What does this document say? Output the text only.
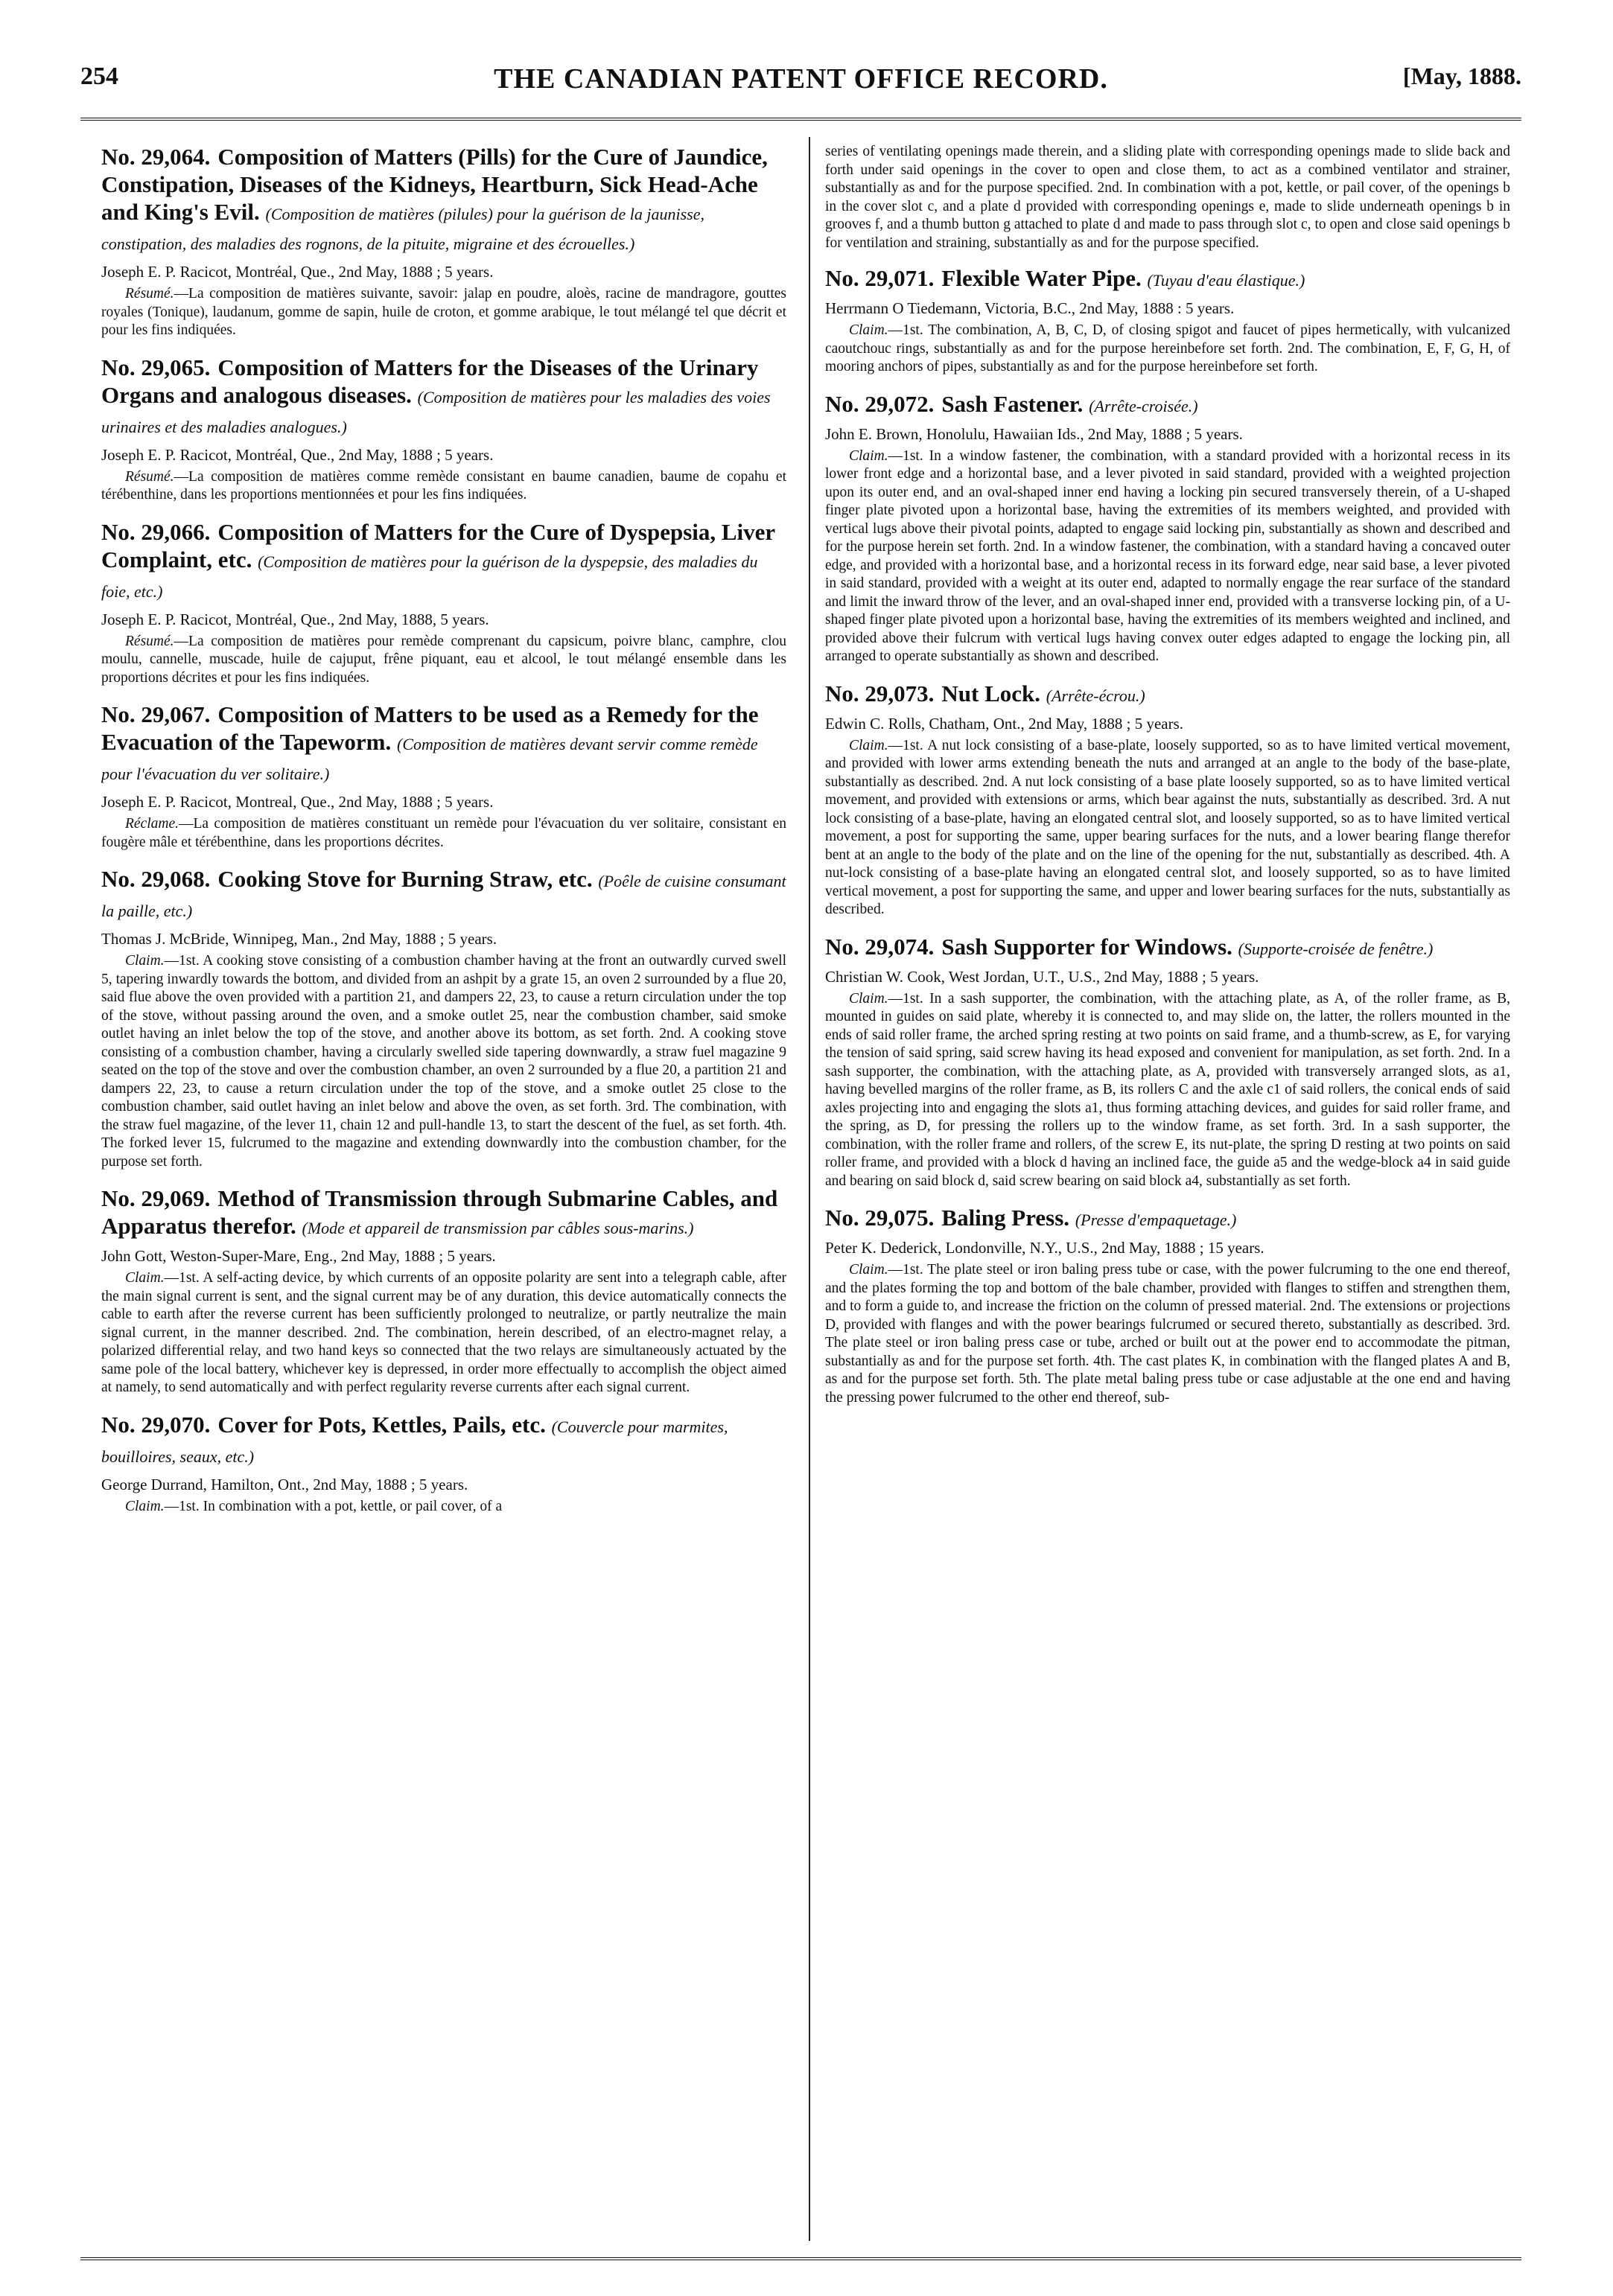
254	THE CANADIAN PATENT OFFICE RECORD.	[May, 1888.
No. 29,064. Composition of Matters (Pills) for the Cure of Jaundice, Constipation, Diseases of the Kidneys, Heartburn, Sick Head-Ache and King's Evil. (Composition de matières (pilules) pour la guérison de la jaunisse, constipation, des maladies des rognons, de la pituite, migraine et des écrouelles.)
Joseph E. P. Racicot, Montréal, Que., 2nd May, 1888 ; 5 years.

Résumé.—La composition de matières suivante, savoir: jalap en poudre, aloès, racine de mandragore, gouttes royales (Tonique), laudanum, gomme de sapin, huile de croton, et gomme arabique, le tout mélangé tel que décrit et pour les fins indiquées.

No. 29,065. Composition of Matters for the Diseases of the Urinary Organs and analogous diseases. (Composition de matières pour les maladies des voies urinaires et des maladies analogues.)
Joseph E. P. Racicot, Montréal, Que., 2nd May, 1888 ; 5 years.

Résumé.—La composition de matières comme remède consistant en baume canadien, baume de copahu et térébenthine, dans les proportions mentionnées et pour les fins indiquées.

No. 29,066. Composition of Matters for the Cure of Dyspepsia, Liver Complaint, etc. (Composition de matières pour la guérison de la dyspepsie, des maladies du foie, etc.)
Joseph E. P. Racicot, Montréal, Que., 2nd May, 1888, 5 years.

Résumé.—La composition de matières pour remède comprenant du capsicum, poivre blanc, camphre, clou moulu, cannelle, muscade, huile de cajuput, frêne piquant, eau et alcool, le tout mélangé ensemble dans les proportions décrites et pour les fins indiquées.

No. 29,067. Composition of Matters to be used as a Remedy for the Evacuation of the Tapeworm. (Composition de matières devant servir comme remède pour l'évacuation du ver solitaire.)
Joseph E. P. Racicot, Montreal, Que., 2nd May, 1888 ; 5 years.

Réclame.—La composition de matières constituant un remède pour l'évacuation du ver solitaire, consistant en fougère mâle et térébenthine, dans les proportions décrites.

No. 29,068. Cooking Stove for Burning Straw, etc. (Poêle de cuisine consumant la paille, etc.)
Thomas J. McBride, Winnipeg, Man., 2nd May, 1888 ; 5 years.

Claim.—1st. A cooking stove consisting of a combustion chamber having at the front an outwardly curved swell 5, tapering inwardly towards the bottom, and divided from an ashpit by a grate 15, an oven 2 surrounded by a flue 20, said flue above the oven provided with a partition 21, and dampers 22, 23, to cause a return circulation under the top of the stove, without passing around the oven, and a smoke outlet 25, near the combustion chamber, said smoke outlet having an inlet below the top of the stove, and another above its bottom, as set forth. 2nd. A cooking stove consisting of a combustion chamber, having a circularly swelled side tapering downwardly, a straw fuel magazine 9 seated on the top of the stove and over the combustion chamber, an oven 2 surrounded by a flue 20, a partition 21 and dampers 22, 23, to cause a return circulation under the top of the stove, and a smoke outlet 25 close to the combustion chamber, said outlet having an inlet below and above the oven, as set forth. 3rd. The combination, with the straw fuel magazine, of the lever 11, chain 12 and pull-handle 13, to start the descent of the fuel, as set forth. 4th. The forked lever 15, fulcrumed to the magazine and extending downwardly into the combustion chamber, for the purpose set forth.

No. 29,069. Method of Transmission through Submarine Cables, and Apparatus therefor. (Mode et appareil de transmission par câbles sous-marins.)
John Gott, Weston-Super-Mare, Eng., 2nd May, 1888 ; 5 years.

Claim.—1st. A self-acting device, by which currents of an opposite polarity are sent into a telegraph cable, after the main signal current is sent, and the signal current may be of any duration, this device automatically connects the cable to earth after the reverse current has been sufficiently prolonged to neutralize, or partly neutralize the main signal current, in the manner described. 2nd. The combination, herein described, of an electro-magnet relay, a polarized differential relay, and two hand keys so connected that the two relays are simultaneously actuated by the same pole of the local battery, whichever key is depressed, in order more effectually to accomplish the object aimed at namely, to send automatically and with perfect regularity reverse currents after each signal current.

No. 29,070. Cover for Pots, Kettles, Pails, etc. (Couvercle pour marmites, bouilloires, seaux, etc.)
George Durrand, Hamilton, Ont., 2nd May, 1888 ; 5 years.

Claim.—1st. In combination with a pot, kettle, or pail cover, of a

series of ventilating openings made therein, and a sliding plate with corresponding openings made to slide back and forth under said openings in the cover to open and close them, to act as a combined ventilator and strainer, substantially as and for the purpose specified. 2nd. In combination with a pot, kettle, or pail cover, of the openings b in the cover slot c, and a plate d provided with corresponding openings e, made to slide underneath openings b in grooves f, and a thumb button g attached to plate d and made to pass through slot c, to open and close said openings b for ventilation and straining, substantially as and for the purpose specified.

No. 29,071. Flexible Water Pipe. (Tuyau d'eau élastique.)
Herrmann O Tiedemann, Victoria, B.C., 2nd May, 1888 : 5 years.

Claim.—1st. The combination, A, B, C, D, of closing spigot and faucet of pipes hermetically, with vulcanized caoutchouc rings, substantially as and for the purpose hereinbefore set forth. 2nd. The combination, E, F, G, H, of mooring anchors of pipes, substantially as and for the purpose hereinbefore set forth.

No. 29,072. Sash Fastener. (Arrête-croisée.)
John E. Brown, Honolulu, Hawaiian Ids., 2nd May, 1888 ; 5 years.

Claim.—1st. In a window fastener, the combination, with a standard provided with a horizontal recess in its lower front edge and a horizontal base, and a lever pivoted in said standard, provided with a weighted projection upon its outer end, and an oval-shaped inner end having a locking pin secured transversely therein, of a U-shaped finger plate pivoted upon a horizontal base, having the extremities of its members weighted, and provided with vertical lugs above their pivotal points, adapted to engage said locking pin, substantially as shown and described and for the purpose herein set forth. 2nd. In a window fastener, the combination, with a standard having a concaved outer edge, and provided with a horizontal base, and a horizontal recess in its forward edge, near said base, a lever pivoted in said standard, provided with a weight at its outer end, adapted to normally engage the rear surface of the standard and limit the inward throw of the lever, and an oval-shaped inner end, provided with a transverse locking pin, of a U-shaped finger plate pivoted upon a horizontal base, having the extremities of its members weighted and inclined, and provided above their fulcrum with vertical lugs having convex outer edges adapted to engage the locking pin, all arranged to operate substantially as shown and described.

No. 29,073. Nut Lock. (Arrête-écrou.)
Edwin C. Rolls, Chatham, Ont., 2nd May, 1888 ; 5 years.

Claim.—1st. A nut lock consisting of a base-plate, loosely supported, so as to have limited vertical movement, and provided with lower arms extending beneath the nuts and arranged at an angle to the body of the base-plate, substantially as described. 2nd. A nut lock consisting of a base plate loosely supported, so as to have limited vertical movement, and provided with extensions or arms, which bear against the nuts, substantially as described. 3rd. A nut lock consisting of a base-plate, having an elongated central slot, and loosely supported, so as to have limited vertical movement, a post for supporting the same, upper bearing surfaces for the nuts, and a lower bearing flange therefor bent at an angle to the body of the plate and on the line of the opening for the nut, substantially as described. 4th. A nut-lock consisting of a base-plate having an elongated central slot, and loosely supported, so as to have limited vertical movement, a post for supporting the same, and upper and lower bearing surfaces for the nuts, substantially as described.

No. 29,074. Sash Supporter for Windows. (Supporte-croisée de fenêtre.)
Christian W. Cook, West Jordan, U.T., U.S., 2nd May, 1888 ; 5 years.

Claim.—1st. In a sash supporter, the combination, with the attaching plate, as A, of the roller frame, as B, mounted in guides on said plate, whereby it is connected to, and may slide on, the latter, the rollers mounted in the ends of said roller frame, the arched spring resting at two points on said frame, and a thumb-screw, as E, for varying the tension of said spring, said screw having its head exposed and convenient for manipulation, as set forth. 2nd. In a sash supporter, the combination, with the attaching plate, as A, provided with transversely arranged slots, as a1, having bevelled margins of the roller frame, as B, its rollers C and the axle c1 of said rollers, the conical ends of said axles projecting into and engaging the slots a1, thus forming attaching devices, and guides for said roller frame, and the spring, as D, for pressing the rollers up to the window frame, as set forth. 3rd. In a sash supporter, the combination, with the roller frame and rollers, of the screw E, its nut-plate, the spring D resting at two points on said roller frame, and provided with a block d having an inclined face, the guide a5 and the wedge-block a4 in said guide and bearing on said block d, said screw bearing on said block a4, substantially as set forth.

No. 29,075. Baling Press. (Presse d'empaquetage.)
Peter K. Dederick, Londonville, N.Y., U.S., 2nd May, 1888 ; 15 years.

Claim.—1st. The plate steel or iron baling press tube or case, with the power fulcruming to the one end thereof, and the plates forming the top and bottom of the bale chamber, provided with flanges to stiffen and strengthen them, and to form a guide to, and increase the friction on the column of pressed material. 2nd. The extensions or projections D, provided with flanges and with the power bearings fulcrumed or secured thereto, substantially as described. 3rd. The plate steel or iron baling press case or tube, arched or built out at the power end to accommodate the pitman, substantially as and for the purpose set forth. 4th. The cast plates K, in combination with the flanged plates A and B, as and for the purpose set forth. 5th. The plate metal baling press tube or case adjustable at the one end and having the pressing power fulcrumed to the other end thereof, sub-
